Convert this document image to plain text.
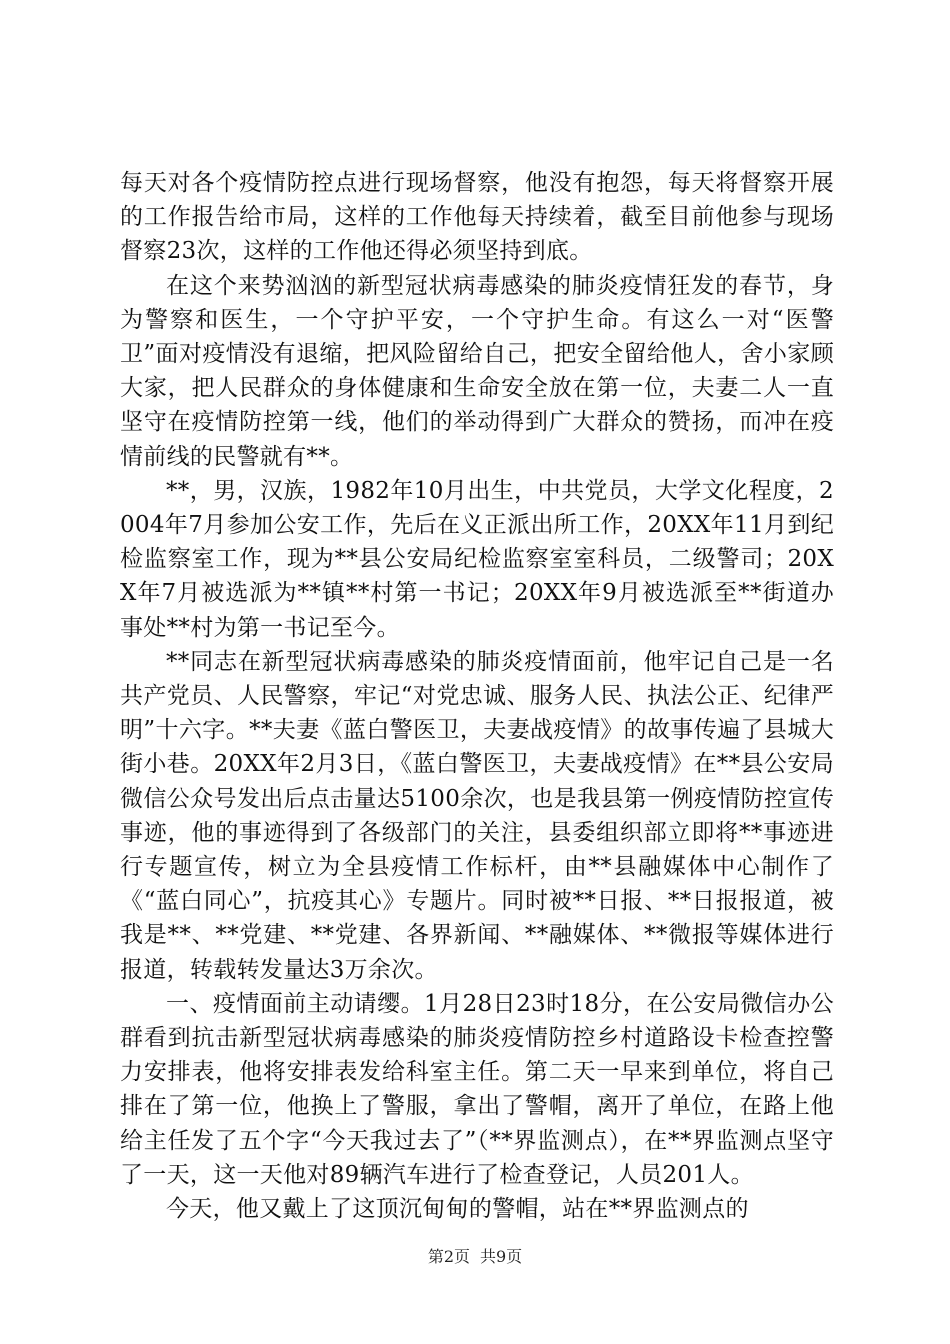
每天对各个疫情防控点进行现场督察，他没有抱怨，每天将督察开展的工作报告给市局，这样的工作他每天持续着，截至目前他参与现场督察23次，这样的工作他还得必须坚持到底。

在这个来势汹汹的新型冠状病毒感染的肺炎疫情狂发的春节，身为警察和医生，一个守护平安，一个守护生命。有这么一对“医警卫”面对疫情没有退缩，把风险留给自己，把安全留给他人，舍小家顾大家，把人民群众的身体健康和生命安全放在第一位，夫妻二人一直坚守在疫情防控第一线，他们的举动得到广大群众的赞扬，而冲在疫情前线的民警就有**。

**，男，汉族，1982年10月出生，中共党员，大学文化程度，2004年7月参加公安工作，先后在义正派出所工作，20XX年11月到纪检监察室工作，现为**县公安局纪检监察室室科员，二级警司；20XX年7月被选派为**镇**村第一书记；20XX年9月被选派至**街道办事处**村为第一书记至今。

**同志在新型冠状病毒感染的肺炎疫情面前，他牢记自己是一名共产党员、人民警察，牢记“对党忠诚、服务人民、执法公正、纪律严明”十六字。**夫妻《蓝白警医卫，夫妻战疫情》的故事传遍了县城大街小巷。20XX年2月3日，《蓝白警医卫，夫妻战疫情》在**县公安局微信公众号发出后点击量达5100余次，也是我县第一例疫情防控宣传事迹，他的事迹得到了各级部门的关注，县委组织部立即将**事迹进行专题宣传，树立为全县疫情工作标杆，由**县融媒体中心制作了《“蓝白同心”，抗疫其心》专题片。同时被**日报、**日报报道，被我是**、**党建、**党建、各界新闻、**融媒体、**微报等媒体进行报道，转载转发量达3万余次。

一、疫情面前主动请缨。1月28日23时18分，在公安局微信办公群看到抗击新型冠状病毒感染的肺炎疫情防控乡村道路设卡检查控警力安排表，他将安排表发给科室主任。第二天一早来到单位，将自己排在了第一位，他换上了警服，拿出了警帽，离开了单位，在路上他给主任发了五个字“今天我过去了”（**界监测点），在**界监测点坚守了一天，这一天他对89辆汽车进行了检查登记，人员201人。

今天，他又戴上了这顶沉甸甸的警帽，站在**界监测点的

第2页 共9页
